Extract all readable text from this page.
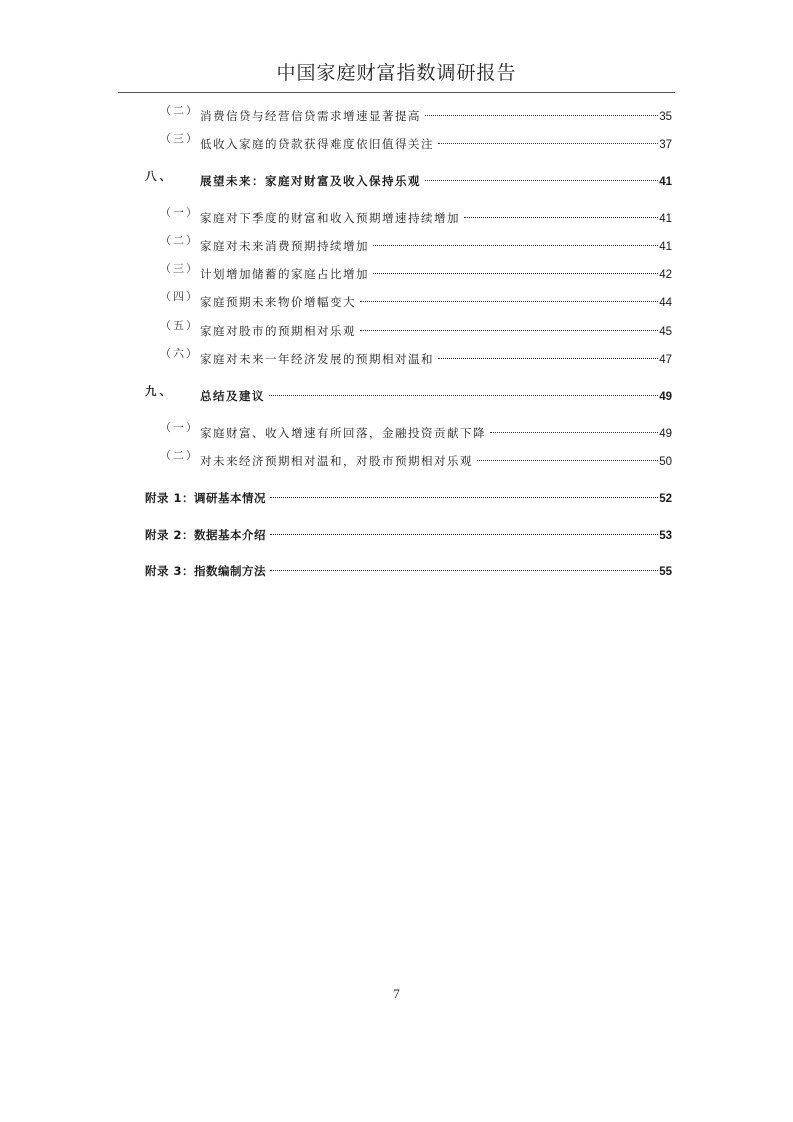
中国家庭财富指数调研报告
（二） 消费信贷与经营信贷需求增速显著提高	35
（三） 低收入家庭的贷款获得难度依旧值得关注	37
八、 展望未来：家庭对财富及收入保持乐观	41
（一） 家庭对下季度的财富和收入预期增速持续增加	41
（二） 家庭对未来消费预期持续增加	41
（三） 计划增加储蓄的家庭占比增加	42
（四） 家庭预期未来物价增幅变大	44
（五） 家庭对股市的预期相对乐观	45
（六） 家庭对未来一年经济发展的预期相对温和	47
九、 总结及建议	49
（一） 家庭财富、收入增速有所回落，金融投资贡献下降	49
（二） 对未来经济预期相对温和，对股市预期相对乐观	50
附录 1：调研基本情况	52
附录 2：数据基本介绍	53
附录 3：指数编制方法	55
7
